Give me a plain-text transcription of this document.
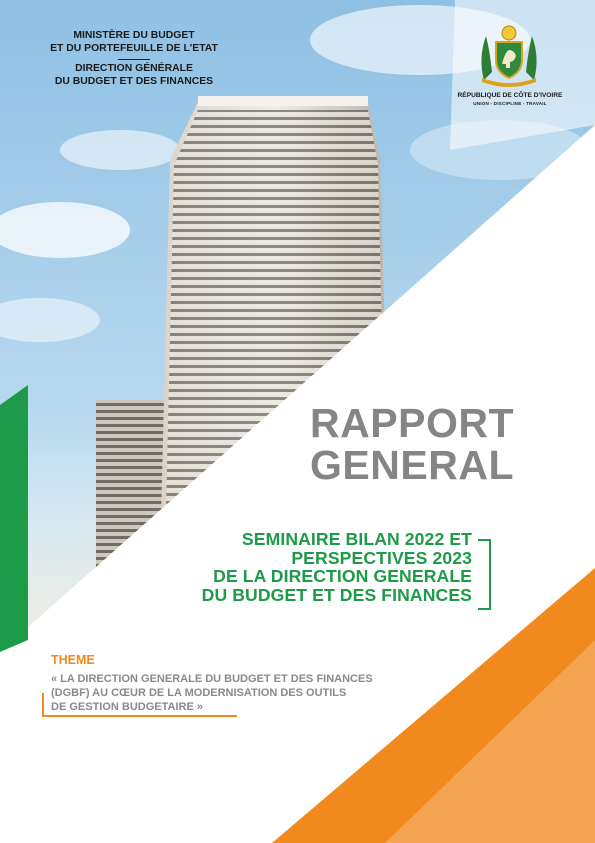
MINISTÈRE DU BUDGET
ET DU PORTEFEUILLE DE L'ETAT
DIRECTION GÉNÉRALE
DU BUDGET ET DES FINANCES
RÉPUBLIQUE DE CÔTE D'IVOIRE
UNION - DISCIPLINE - TRAVAIL
RAPPORT
GENERAL
SEMINAIRE BILAN 2022 ET
PERSPECTIVES 2023
DE LA DIRECTION GENERALE
DU BUDGET ET DES FINANCES
THEME
« LA DIRECTION GENERALE DU BUDGET ET DES FINANCES
(DGBF) AU CŒUR DE LA MODERNISATION DES OUTILS
DE GESTION BUDGETAIRE »
